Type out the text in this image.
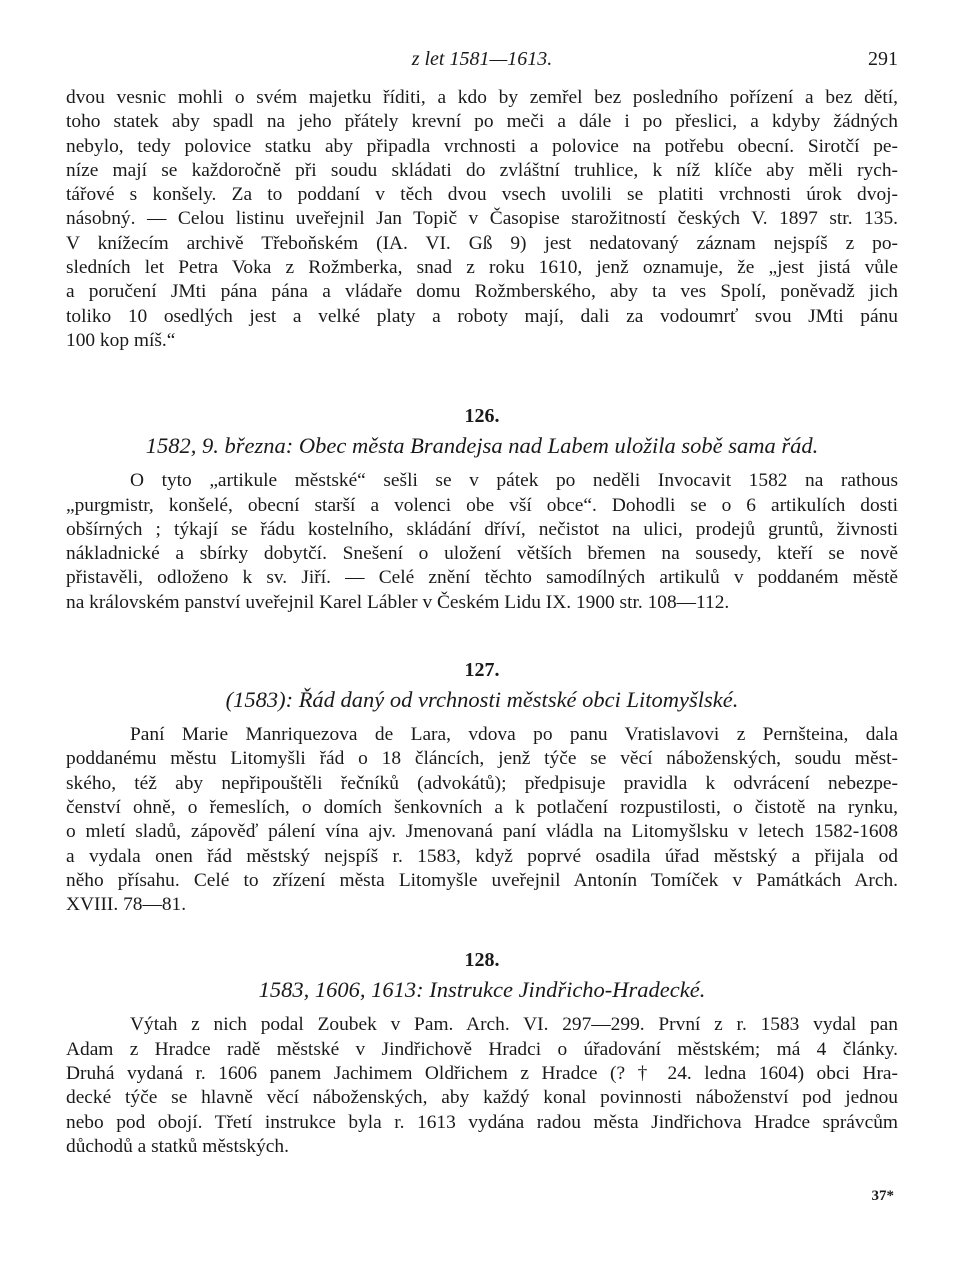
z let 1581—1613.	291
dvou vesnic mohli o svém majetku říditi, a kdo by zemřel bez posledního pořízení a bez dětí,
toho statek aby spadl na jeho přátely krevní po meči a dále i po přeslici, a kdyby žádných
nebylo, tedy polovice statku aby připadla vrchnosti a polovice na potřebu obecní. Sirotčí pe-
níze mají se každoročně při soudu skládati do zvláštní truhlice, k níž klíče aby měli rych-
tářové s konšely. Za to poddaní v těch dvou vsech uvolili se platiti vrchnosti úrok dvoj-
násobný. — Celou listinu uveřejnil Jan Topič v Časopise starožitností českých V. 1897 str. 135.
V knížecím archivě Třeboňském (IA. VI. Gß 9) jest nedatovaný záznam nejspíš z po-
sledních let Petra Voka z Rožmberka, snad z roku 1610, jenž oznamuje, že „jest jistá vůle
a poručení JMti pána pána a vládaře domu Rožmberského, aby ta ves Spolí, poněvadž jich
toliko 10 osedlých jest a velké platy a roboty mají, dali za vodoumrť svou JMti pánu
100 kop míš.“

126.

1582, 9. března: Obec města Brandejsa nad Labem uložila sobě sama řád.
O tyto „artikule městské“ sešli se v pátek po neděli Invocavit 1582 na rathous
„purgmistr, konšelé, obecní starší a volenci obe vší obce“. Dohodli se o 6 artikulích dosti
obšírných ; týkají se řádu kostelního, skládání dříví, nečistot na ulici, prodejů gruntů, živnosti
nákladnické a sbírky dobytčí. Snešení o uložení větších břemen na sousedy, kteří se nově
přistavěli, odloženo k sv. Jiří. — Celé znění těchto samodílných artikulů v poddaném městě
na královském panství uveřejnil Karel Lábler v Českém Lidu IX. 1900 str. 108—112.

127.

(1583): Řád daný od vrchnosti městské obci Litomyšlské.
Paní Marie Manriquezova de Lara, vdova po panu Vratislavovi z Pernšteina, dala
poddanému městu Litomyšli řád o 18 článcích, jenž týče se věcí náboženských, soudu měst-
ského, též aby nepřipouštěli řečníků (advokátů); předpisuje pravidla k odvrácení nebezpe-
čenství ohně, o řemeslích, o domích šenkovních a k potlačení rozpustilosti, o čistotě na rynku,
o mletí sladů, zápověď pálení vína ajv. Jmenovaná paní vládla na Litomyšlsku v letech 1582-1608
a vydala onen řád městský nejspíš r. 1583, když poprvé osadila úřad městský a přijala od
něho přísahu. Celé to zřízení města Litomyšle uveřejnil Antonín Tomíček v Památkách Arch.
XVIII. 78—81.

128.

1583, 1606, 1613: Instrukce Jindřicho-Hradecké.
Výtah z nich podal Zoubek v Pam. Arch. VI. 297—299. První z r. 1583 vydal pan
Adam z Hradce radě městské v Jindřichově Hradci o úřadování městském; má 4 články.
Druhá vydaná r. 1606 panem Jachimem Oldřichem z Hradce (? † 24. ledna 1604) obci Hra-
decké týče se hlavně věcí náboženských, aby každý konal povinnosti náboženství pod jednou
nebo pod obojí. Třetí instrukce byla r. 1613 vydána radou města Jindřichova Hradce správcům
důchodů a statků městských.
37*
